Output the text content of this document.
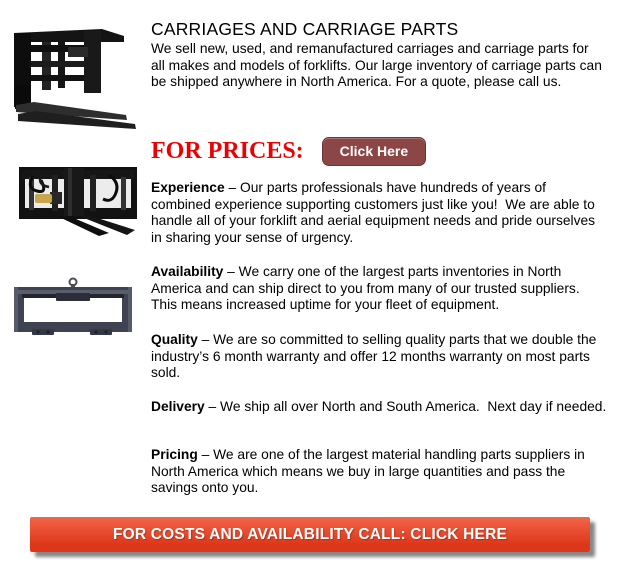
CARRIAGES AND CARRIAGE PARTS

We sell new, used, and remanufactured carriages and carriage parts for all makes and models of forklifts. Our large inventory of carriage parts can be shipped anywhere in North America. For a quote, please call us.

FOR PRICES:	Click Here

Experience – Our parts professionals have hundreds of years of combined experience supporting customers just like you!  We are able to handle all of your forklift and aerial equipment needs and pride ourselves in sharing your sense of urgency.

Availability – We carry one of the largest parts inventories in North America and can ship direct to you from many of our trusted suppliers. This means increased uptime for your fleet of equipment.

Quality – We are so committed to selling quality parts that we double the industry’s 6 month warranty and offer 12 months warranty on most parts sold.

Delivery – We ship all over North and South America.  Next day if needed.

Pricing – We are one of the largest material handling parts suppliers in North America which means we buy in large quantities and pass the savings onto you.

FOR COSTS AND AVAILABILITY CALL: CLICK HERE
